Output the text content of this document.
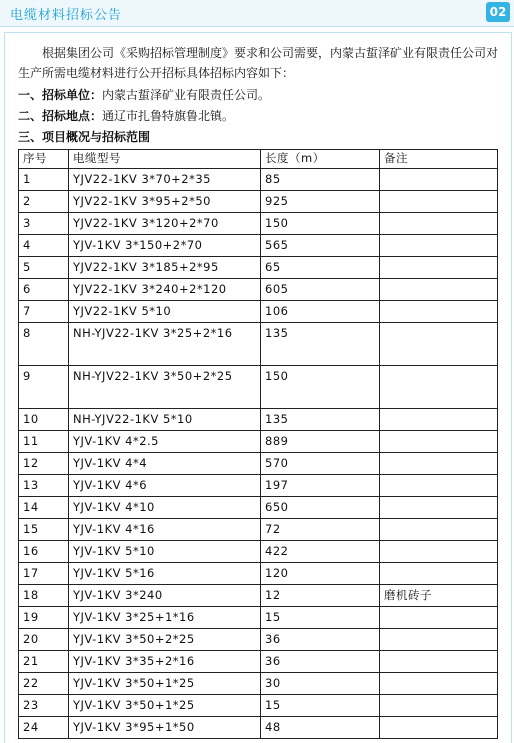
电缆材料招标公告	02
根据集团公司《采购招标管理制度》要求和公司需要，内蒙古蜇泽矿业有限责任公司对生产所需电缆材料进行公开招标具体招标内容如下：
一、招标单位：内蒙古蜇泽矿业有限责任公司。
二、招标地点：通辽市扎鲁特旗鲁北镇。
三、项目概况与招标范围
序号	电缆型号	长度（m）	备注
1	YJV22-1KV 3*70+2*35	85	
2	YJV22-1KV 3*95+2*50	925	
3	YJV22-1KV 3*120+2*70	150	
4	YJV-1KV 3*150+2*70	565	
5	YJV22-1KV 3*185+2*95	65	
6	YJV22-1KV 3*240+2*120	605	
7	YJV22-1KV 5*10	106	
8	NH-YJV22-1KV 3*25+2*16	135	
9	NH-YJV22-1KV 3*50+2*25	150	
10	NH-YJV22-1KV 5*10	135	
11	YJV-1KV 4*2.5	889	
12	YJV-1KV 4*4	570	
13	YJV-1KV 4*6	197	
14	YJV-1KV 4*10	650	
15	YJV-1KV 4*16	72	
16	YJV-1KV 5*10	422	
17	YJV-1KV 5*16	120	
18	YJV-1KV 3*240	12	磨机砖子
19	YJV-1KV 3*25+1*16	15	
20	YJV-1KV 3*50+2*25	36	
21	YJV-1KV 3*35+2*16	36	
22	YJV-1KV 3*50+1*25	30	
23	YJV-1KV 3*50+1*25	15	
24	YJV-1KV 3*95+1*50	48	
